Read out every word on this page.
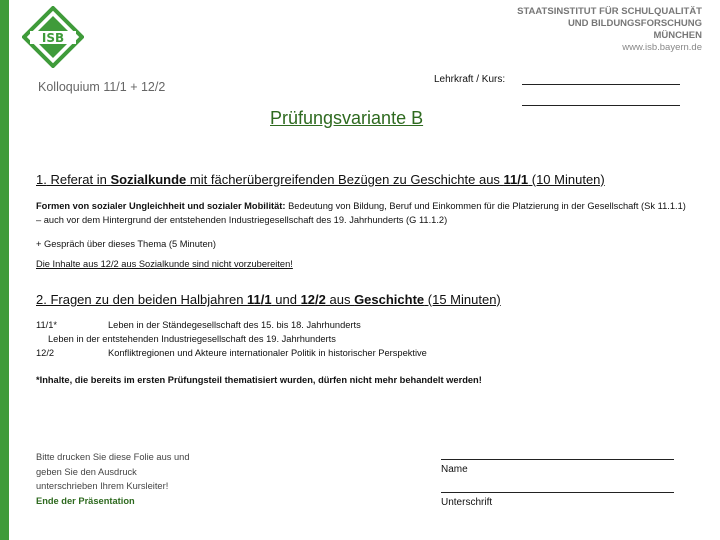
ISB
STAATSINSTITUT FÜR SCHULQUALITÄT
UND BILDUNGSFORSCHUNG
MÜNCHEN
www.isb.bayern.de
Kolloquium 11/1 + 12/2
Lehrkraft / Kurs:
Prüfungsvariante B
1. Referat in Sozialkunde mit fächerübergreifenden Bezügen zu Geschichte aus 11/1 (10 Minuten)
Formen von sozialer Ungleichheit und sozialer Mobilität: Bedeutung von Bildung, Beruf und Einkommen für die Platzierung in der Gesellschaft (Sk 11.1.1) – auch vor dem Hintergrund der entstehenden Industriegesellschaft des 19. Jahrhunderts (G 11.1.2)
+ Gespräch über dieses Thema (5 Minuten)
Die Inhalte aus 12/2 aus Sozialkunde sind nicht vorzubereiten!
2. Fragen zu den beiden Halbjahren 11/1 und 12/2 aus Geschichte (15 Minuten)
11/1*	Leben in der Ständegesellschaft des 15. bis 18. Jahrhunderts
Leben in der entstehenden Industriegesellschaft des 19. Jahrhunderts
12/2	Konfliktregionen und Akteure internationaler Politik in historischer Perspektive
*Inhalte, die bereits im ersten Prüfungsteil thematisiert wurden, dürfen nicht mehr behandelt werden!
Bitte drucken Sie diese Folie aus und
geben Sie den Ausdruck
unterschrieben Ihrem Kursleiter!
Ende der Präsentation
Name
Unterschrift
